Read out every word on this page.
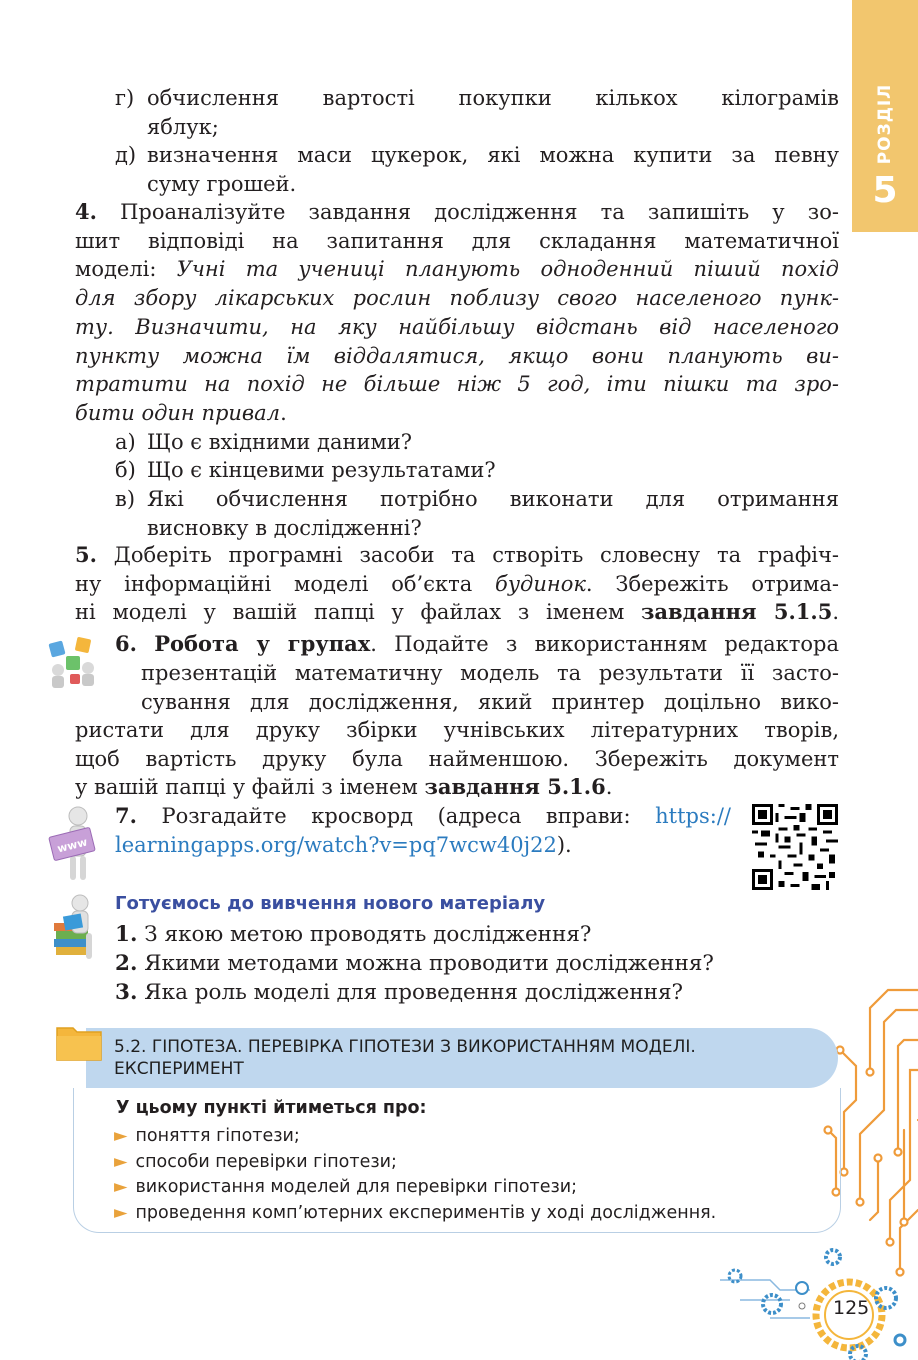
РОЗДІЛ
5
г) обчислення вартості покупки кількох кілограмів
яблук;
д) визначення маси цукерок, які можна купити за певну
суму грошей.
4. Проаналізуйте завдання дослідження та запишіть у зо-
шит відповіді на запитання для складання математичної
моделі: Учні та учениці планують одноденний піший похід
для збору лікарських рослин поблизу свого населеного пунк-
ту. Визначити, на яку найбільшу відстань від населеного
пункту можна їм віддалятися, якщо вони планують ви-
тратити на похід не більше ніж 5 год, іти пішки та зро-
бити один привал.
а) Що є вхідними даними?
б) Що є кінцевими результатами?
в) Які обчислення потрібно виконати для отримання
висновку в дослідженні?
5. Доберіть програмні засоби та створіть словесну та графіч-
ну інформаційні моделі об’єкта будинок. Збережіть отрима-
ні моделі у вашій папці у файлах з іменем завдання 5.1.5.
6. Робота у групах. Подайте з використанням редактора
презентацій математичну модель та результати її засто-
сування для дослідження, який принтер доцільно вико-
ристати для друку збірки учнівських літературних творів,
щоб вартість друку була найменшою. Збережіть документ
у вашій папці у файлі з іменем завдання 5.1.6.
www
7. Розгадайте кросворд (адреса вправи: https://
learningapps.org/watch?v=pq7wcw40j22).
Готуємось до вивчення нового матеріалу
1. З якою метою проводять дослідження?
2. Якими методами можна проводити дослідження?
3. Яка роль моделі для проведення дослідження?
5.2. ГІПОТЕЗА. ПЕРЕВІРКА ГІПОТЕЗИ З ВИКОРИСТАННЯМ МОДЕЛІ.
ЕКСПЕРИМЕНТ
У цьому пункті йтиметься про:
► поняття гіпотези;
► способи перевірки гіпотези;
► використання моделей для перевірки гіпотези;
► проведення комп’ютерних експериментів у ході дослідження.
125
